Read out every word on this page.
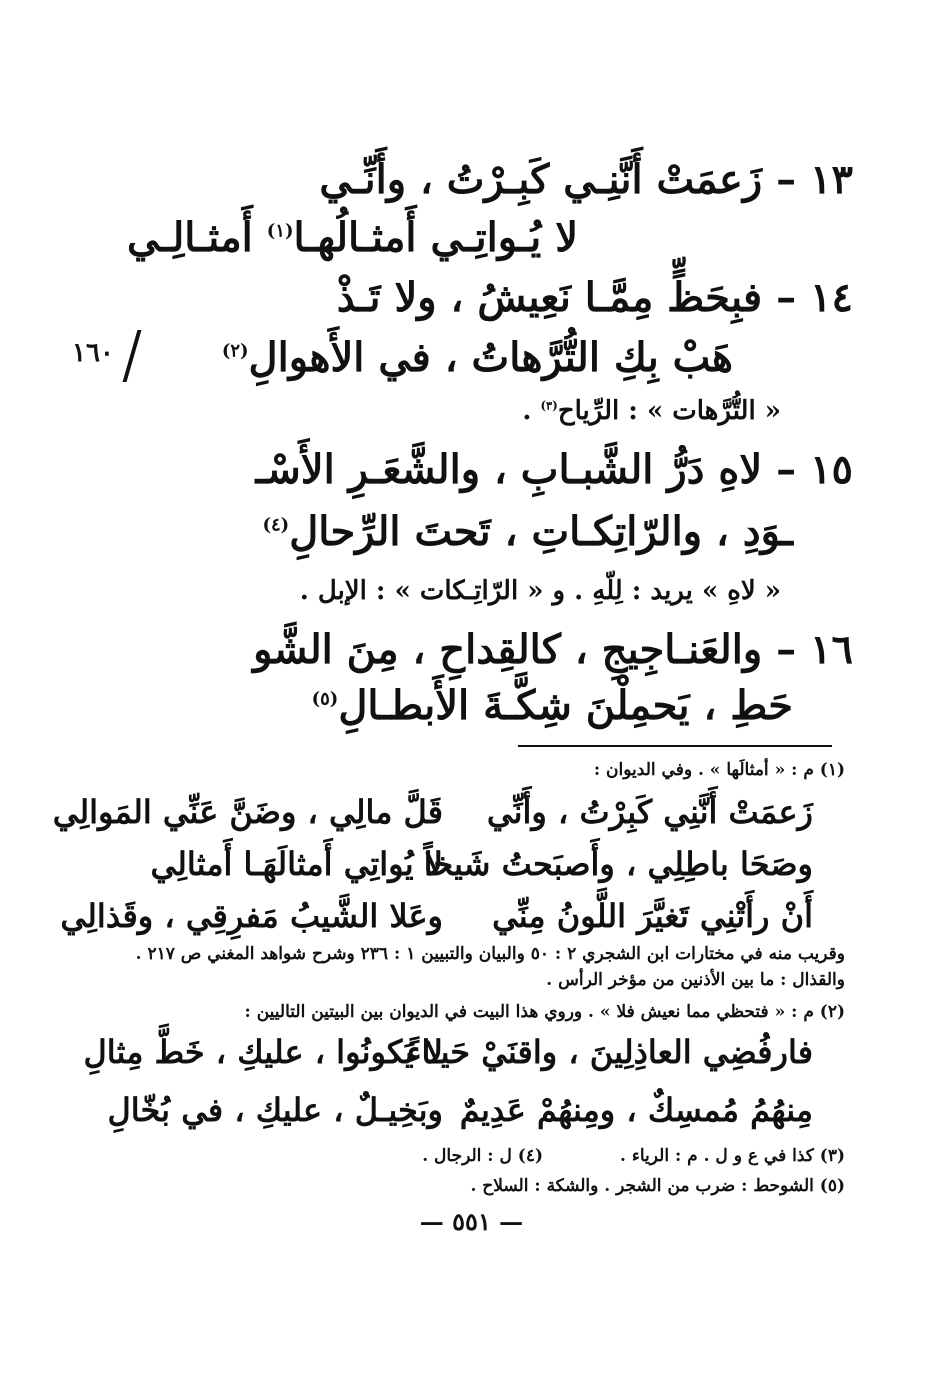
١٣ – زَعمَتْ أَنَّنِـي كَبِـرْتُ ، وأَنِّـي
لا يُـواتِـي أَمثـالُهـا$^{(١)}$ أَمثـالِـي
١٤ – فبِحَظٍّ مِمَّـا نَعِيشُ ، ولا تَـذْ
هَبْ بِكِ التُّرَّهاتُ ، في الأَهوالِ$^{(٢)}$
١٦٠
« التُّرَّهات » : الرِّياح$^{(٣)}$ .
١٥ – لاهِ دَرُّ الشَّبـابِ ، والشَّعَـرِ الأَسْـ
ـوَدِ ، والرّاتِكـاتِ ، تَحتَ الرِّحالِ$^{(٤)}$
« لاهِ » يريد : لِلّهِ . و « الرّاتِـكات » : الإبل .
١٦ – والعَنـاجِيجِ ، كالقِداحِ ، مِنَ الشَّو
حَطِ ، يَحمِلْنَ شِكَّـةَ الأَبطـالِ$^{(٥)}$
(١) م : « أمثالَها » . وفي الديوان :
زَعمَتْ أَنَّنِي كَبِرْتُ ، وأَنِّي
قَلَّ مالِي ، وضَنَّ عَنِّي المَوالِي
وصَحَا باطِلِي ، وأَصبَحتُ شَيخاً
لا يُواتِي أَمثالَهَـا أَمثالِي
أَنْ رأَتْنِي تَغيَّرَ اللَّونُ مِنِّي
وعَلا الشَّيبُ مَفرِقِي ، وقَذالِي
وقريب منه في مختارات ابن الشجري ٢ : ٥٠ والبيان والتبيين ١ : ٢٣٦ وشرح شواهد المغني ص ٢١٧ .
والقذال : ما بين الأذنين من مؤخر الرأس .
(٢) م : « فتحظي مما نعيش فلا » . وروي هذا البيت في الديوان بين البيتين التاليين :
فارفُضِي العاذِلِينَ ، واقنَيْ حَيـاءً
لا يَكونُوا ، عليكِ ، خَطَّ مِثالِ
مِنهُمُ مُمسِكٌ ، ومِنهُمْ عَدِيمٌ
وبَخِيـلٌ ، عليكِ ، في بُخّالِ
(٣) كذا في ع و ل . م : الرياء .
(٤) ل : الرجال .
(٥) الشوحط : ضرب من الشجر . والشكة : السلاح .
— ٥٥١ —
